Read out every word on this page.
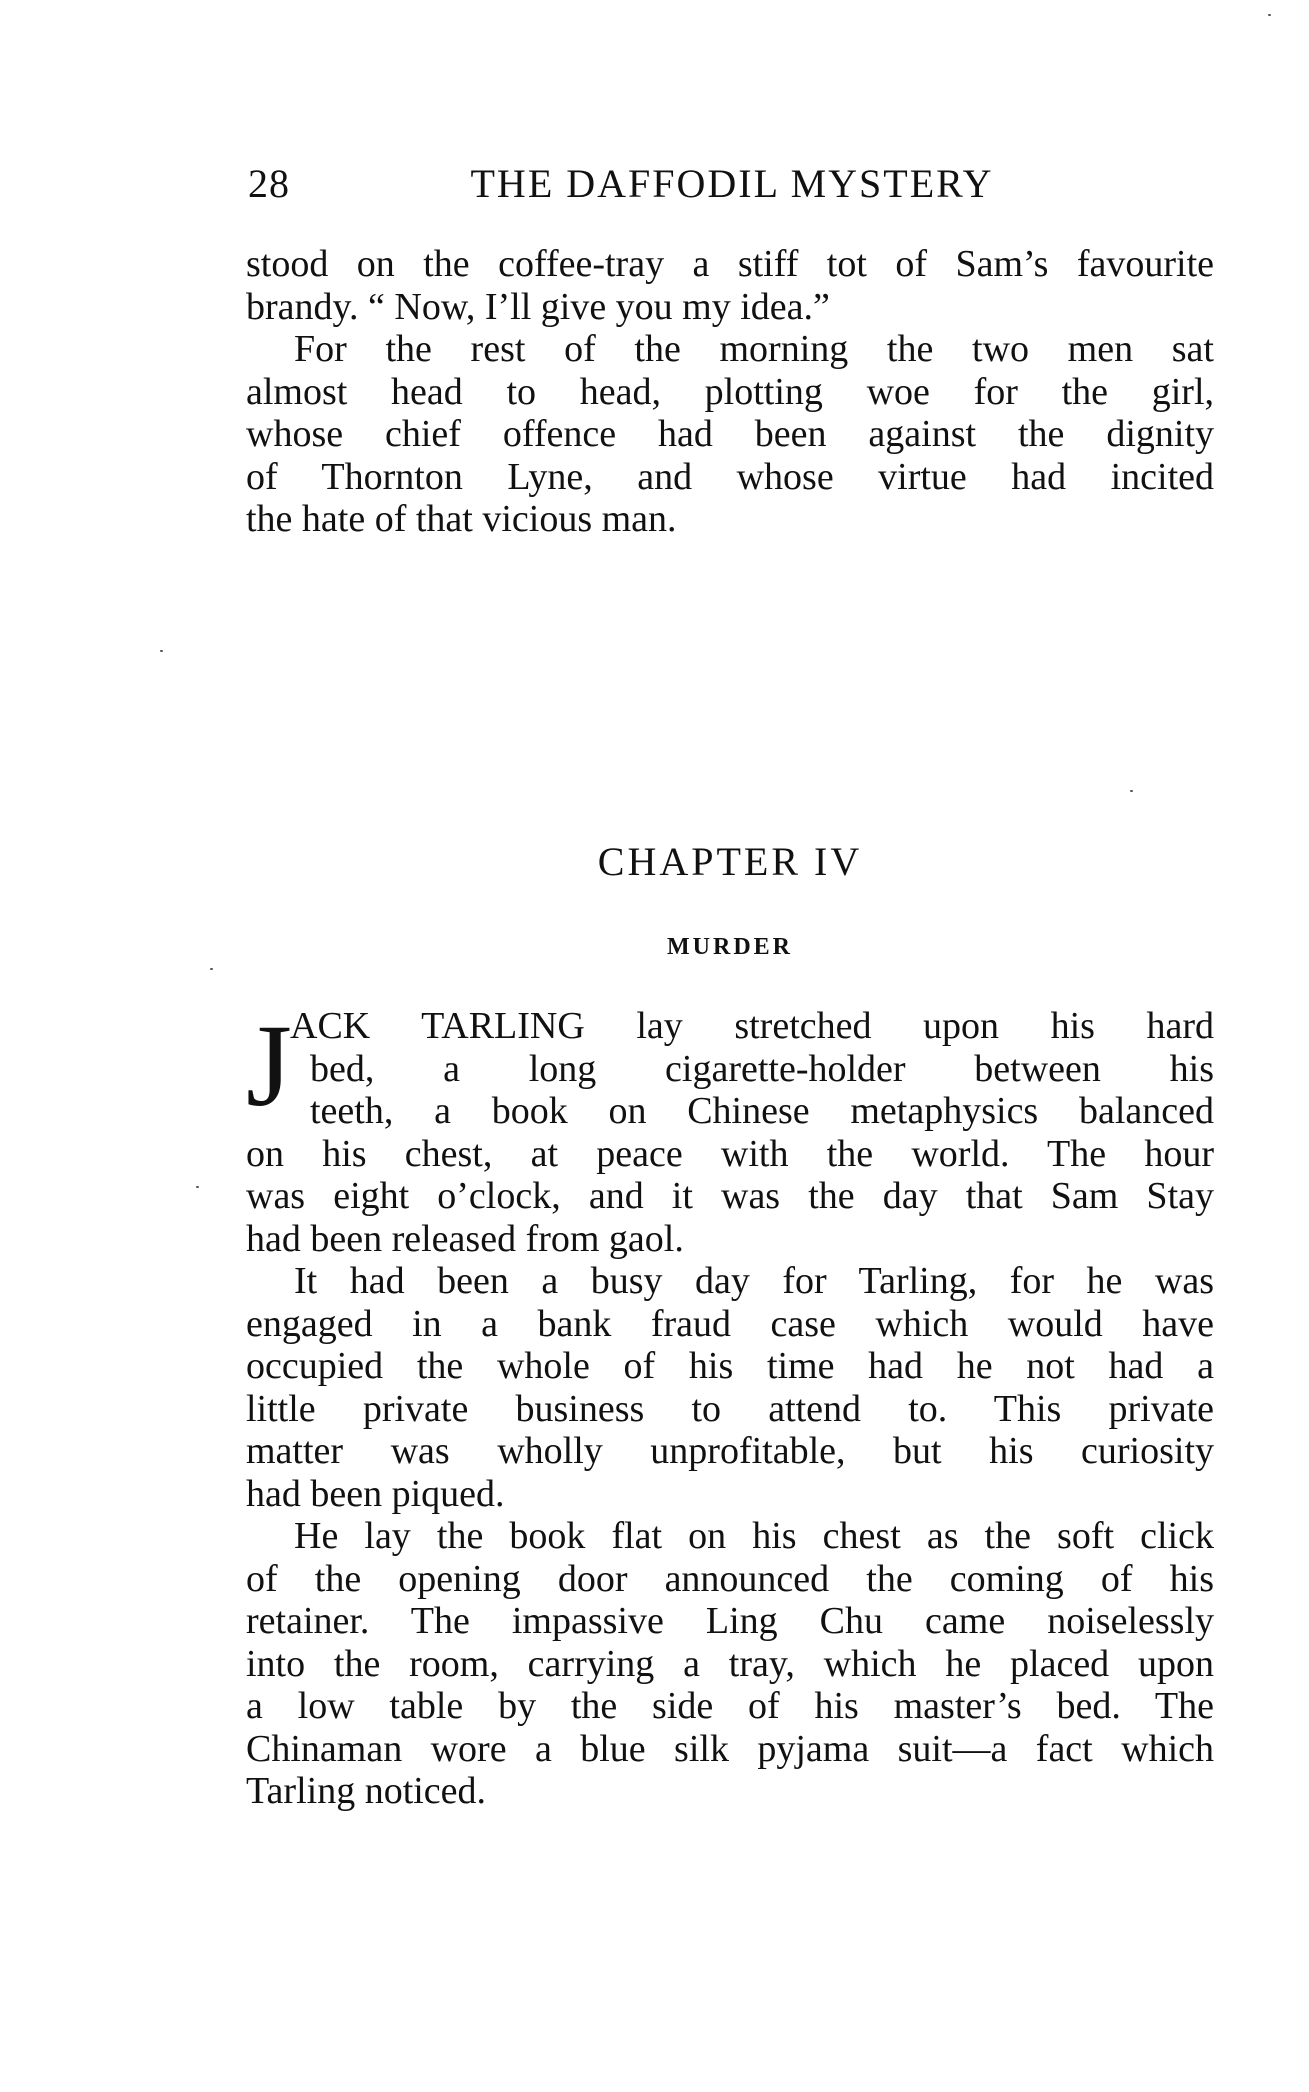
28	THE DAFFODIL MYSTERY
stood on the coffee-tray a stiff tot of Sam’s favourite
brandy. “ Now, I’ll give you my idea.”
For the rest of the morning the two men sat
almost head to head, plotting woe for the girl,
whose chief offence had been against the dignity
of Thornton Lyne, and whose virtue had incited
the hate of that vicious man.
CHAPTER IV
MURDER
J
ACK TARLING lay stretched upon his hard
bed, a long cigarette-holder between his
teeth, a book on Chinese metaphysics balanced
on his chest, at peace with the world. The hour
was eight o’clock, and it was the day that Sam Stay
had been released from gaol.
It had been a busy day for Tarling, for he was
engaged in a bank fraud case which would have
occupied the whole of his time had he not had a
little private business to attend to. This private
matter was wholly unprofitable, but his curiosity
had been piqued.
He lay the book flat on his chest as the soft click
of the opening door announced the coming of his
retainer. The impassive Ling Chu came noiselessly
into the room, carrying a tray, which he placed upon
a low table by the side of his master’s bed. The
Chinaman wore a blue silk pyjama suit—a fact which
Tarling noticed.
